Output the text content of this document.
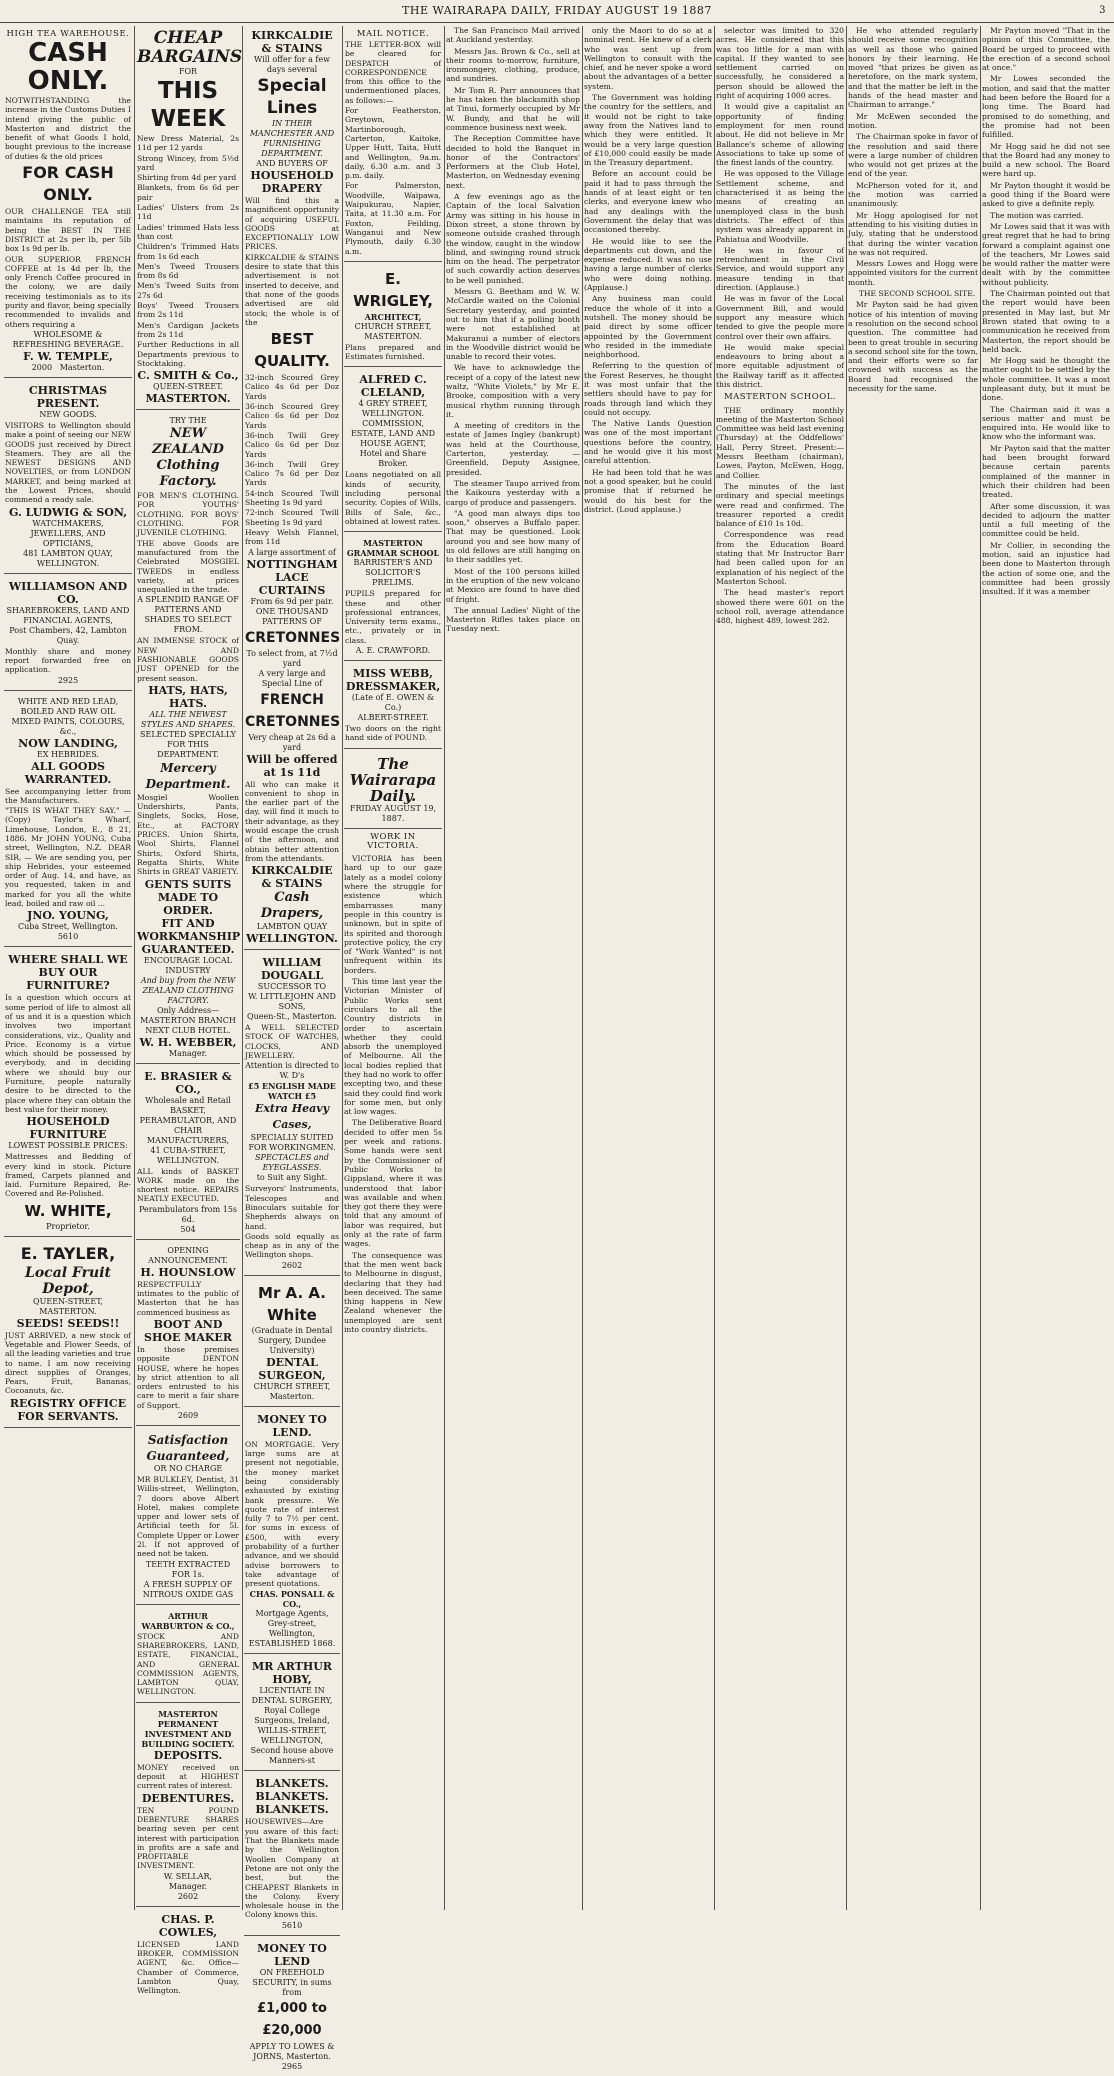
THE WAIRARAPA DAILY, FRIDAY AUGUST 19 1887	3
HIGH TEA WAREHOUSE.
CASH ONLY.

NOTWITHSTANDING the increase in the Customs Duties I intend giving the public of Masterton and district the benefit of what Goods I hold, bought previous to the increase of duties & the old prices

FOR CASH ONLY.

OUR CHALLENGE TEA still maintains its reputation of being the BEST IN THE DISTRICT at 2s per lb, per 5lb box 1s 9d per lb.

OUR SUPERIOR FRENCH COFFEE at 1s 4d per lb, the only French Coffee procured in the colony, we are daily receiving testimonials as to its purity and flavor, being specially recommended to invalids and others requiring a

WHOLESOME & REFRESHING BEVERAGE.
F. W. TEMPLE,
2000 Masterton.
CHRISTMAS PRESENT.
NEW GOODS.

VISITORS to Wellington should make a point of seeing our NEW GOODS just received by Direct Steamers. They are all the NEWEST DESIGNS AND NOVELTIES, or from LONDON MARKET, and being marked at the Lowest Prices, should commend a ready sale.

G. LUDWIG & SON,
WATCHMAKERS, JEWELLERS, AND OPTICIANS,
481 LAMBTON QUAY, WELLINGTON.
WILLIAMSON AND CO.
SHAREBROKERS, LAND AND FINANCIAL AGENTS,
Post Chambers, 42, Lambton Quay.

Monthly share and money report forwarded free on application.

2925
WHITE AND RED LEAD,
BOILED AND RAW OIL
MIXED PAINTS, COLOURS, &c.,
NOW LANDING,
EX HEBRIDES.
ALL GOODS WARRANTED.

See accompanying letter from the Manufacturers.

"THIS IS WHAT THEY SAY." — (Copy) Taylor's Wharf, Limehouse, London, E., 8 21, 1886. Mr JOHN YOUNG, Cuba street, Wellington, N.Z. DEAR SIR, — We are sending you, per ship Hebrides, your esteemed order of Aug. 14, and have, as you requested, taken in and marked for you all the white lead, boiled and raw oil ...

JNO. YOUNG,
Cuba Street, Wellington.
5610
WHERE SHALL WE BUY OUR FURNITURE?

Is a question which occurs at some period of life to almost all of us and it is a question which involves two important considerations, viz., Quality and Price. Economy is a virtue which should be possessed by everybody, and in deciding where we should buy our Furniture, people naturally desire to be directed to the place where they can obtain the best value for their money.

HOUSEHOLD FURNITURE
LOWEST POSSIBLE PRICES:

Mattresses and Bedding of every kind in stock. Picture framed, Carpets planned and laid. Furniture Repaired, Re-Covered and Re-Polished.

W. WHITE,
Proprietor.
E. TAYLER,
Local Fruit Depot,
QUEEN-STREET, MASTERTON.
SEEDS! SEEDS!!

JUST ARRIVED, a new stock of Vegetable and Flower Seeds, of all the leading varieties and true to name. I am now receiving direct supplies of Oranges, Pears, Fruit, Bananas, Cocoanuts, &c.

REGISTRY OFFICE FOR SERVANTS.
CHEAP BARGAINS
FOR
THIS WEEK

New Dress Material, 2s 11d per 12 yards

Strong Wincey, from 5½d yard

Shirting from 4d per yard

Blankets, from 6s 6d per pair

Ladies' Ulsters from 2s 11d

Ladies' trimmed Hats less than cost

Children's Trimmed Hats from 1s 6d each

Men's Tweed Trousers from 8s 6d

Men's Tweed Suits from 27s 6d

Boys' Tweed Trousers from 2s 11d

Men's Cardigan Jackets from 2s 11d

Further Reductions in all Departments previous to Stocktaking.

C. SMITH & Co.,
QUEEN-STREET.
MASTERTON.
TRY THE
NEW ZEALAND Clothing Factory.

FOR MEN'S CLOTHING. FOR YOUTHS' CLOTHING. FOR BOYS' CLOTHING. FOR JUVENILE CLOTHING.

THE above Goods are manufactured from the Celebrated MOSGIEL TWEEDS in endless variety, at prices unequalled in the trade.

A SPLENDID RANGE OF PATTERNS AND SHADES TO SELECT FROM.

AN IMMENSE STOCK of NEW AND FASHIONABLE GOODS JUST OPENED for the present season.

HATS, HATS, HATS.
ALL THE NEWEST STYLES AND SHAPES.
SELECTED SPECIALLY FOR THIS DEPARTMENT.
Mercery Department.

Mosgiel Woollen Undershirts, Pants, Singlets, Socks, Hose, Etc., at FACTORY PRICES. Union Shirts, Wool Shirts, Flannel Shirts, Oxford Shirts, Regatta Shirts, White Shirts in GREAT VARIETY.

GENTS SUITS MADE TO ORDER.
FIT AND WORKMANSHIP GUARANTEED.
ENCOURAGE LOCAL INDUSTRY
And buy from the NEW ZEALAND CLOTHING FACTORY.
Only Address— MASTERTON BRANCH NEXT CLUB HOTEL.
W. H. WEBBER,
Manager.
E. BRASIER & CO.,
Wholesale and Retail
BASKET, PERAMBULATOR, AND CHAIR MANUFACTURERS,
41 CUBA-STREET, WELLINGTON.

ALL kinds of BASKET WORK made on the shortest notice. REPAIRS NEATLY EXECUTED.

Perambulators from 15s 6d.
504
OPENING ANNOUNCEMENT.
H. HOUNSLOW

RESPECTFULLY intimates to the public of Masterton that he has commenced business as

BOOT AND SHOE MAKER

In those premises opposite DENTON HOUSE, where he hopes by strict attention to all orders entrusted to his care to merit a fair share of Support.

2609
Satisfaction Guaranteed,
OR NO CHARGE

MR BULKLEY, Dentist, 31 Willis-street, Wellington, 7 doors above Albert Hotel, makes complete upper and lower sets of Artificial teeth for 5l. Complete Upper or Lower 2l. If not approved of need not be taken.

TEETH EXTRACTED FOR 1s.
A FRESH SUPPLY OF NITROUS OXIDE GAS
ARTHUR WARBURTON & CO.,

STOCK AND SHAREBROKERS, LAND, ESTATE, FINANCIAL, AND GENERAL COMMISSION AGENTS, LAMBTON QUAY, WELLINGTON.

MASTERTON PERMANENT INVESTMENT AND BUILDING SOCIETY.
DEPOSITS.

MONEY received on deposit at HIGHEST current rates of interest.

DEBENTURES.

TEN POUND DEBENTURE SHARES bearing seven per cent interest with participation in profits are a safe and PROFITABLE INVESTMENT.

W. SELLAR,
Manager.
2602
CHAS. P. COWLES,

LICENSED LAND BROKER, COMMISSION AGENT, &c. Office—Chamber of Commerce, Lambton Quay, Wellington.

KIRKCALDIE & STAINS
Will offer for a few days several
Special Lines
IN THEIR MANCHESTER AND FURNISHING DEPARTMENT.
AND BUYERS OF
HOUSEHOLD DRAPERY

Will find this a magnificent opportunity of acquiring USEFUL GOODS at EXCEPTIONALLY LOW PRICES.

KIRKCALDIE & STAINS desire to state that this advertisement is not inserted to deceive, and that none of the goods advertised are old stock; the whole is of the

BEST QUALITY.

32-inch Scoured Grey Calico 4s 6d per Doz Yards

36-inch Scoured Grey Calico 6s 6d per Doz Yards

36-inch Twill Grey Calico 6s 6d per Doz Yards

36-inch Twill Grey Calico 7s 6d per Doz Yards

54-inch Scoured Twill Sheeting 1s 9d yard

72-inch Scoured Twill Sheeting 1s 9d yard

Heavy Welsh Flannel, from 11d

A large assortment of
NOTTINGHAM LACE CURTAINS
From 6s 9d per pair.
ONE THOUSAND PATTERNS OF
CRETONNES
To select from, at 7½d yard
A very large and Special Line of
FRENCH CRETONNES
Very cheap at 2s 6d a yard
Will be offered at 1s 11d

All who can make it convenient to shop in the earlier part of the day, will find it much to their advantage, as they would escape the crush of the afternoon, and obtain better attention from the attendants.

KIRKCALDIE & STAINS
Cash Drapers,
LAMBTON QUAY
WELLINGTON.
WILLIAM DOUGALL
SUCCESSOR TO
W. LITTLEJOHN AND SONS,
Queen-St., Masterton.

A WELL SELECTED STOCK OF WATCHES, CLOCKS, AND JEWELLERY.

Attention is directed to W. D's
£5 ENGLISH MADE WATCH £5
Extra Heavy Cases,
SPECIALLY SUITED FOR WORKINGMEN.
SPECTACLES and EYEGLASSES.
to Suit any Sight.

Surveyors' Instruments, Telescopes and Binoculars suitable for Shepherds always on hand.

Goods sold equally as cheap as in any of the Wellington shops.

2602
Mr A. A. White
(Graduate in Dental Surgery, Dundee University)
DENTAL SURGEON,
CHURCH STREET,
Masterton.
MONEY TO LEND.

ON MORTGAGE. Very large sums are at present not negotiable, the money market being considerably exhausted by existing bank pressure. We quote rate of interest fully 7 to 7½ per cent. for sums in excess of £500, with every probability of a further advance, and we should advise borrowers to take advantage of present quotations.

CHAS. PONSALL & CO.,
Mortgage Agents,
Grey-street, Wellington,
ESTABLISHED 1868.
MR ARTHUR HOBY,
LICENTIATE IN DENTAL SURGERY,
Royal College Surgeons, Ireland,
WILLIS-STREET, WELLINGTON,
Second house above Manners-st
BLANKETS. BLANKETS. BLANKETS.

HOUSEWIVES—Are you aware of this fact: That the Blankets made by the Wellington Woollen Company at Petone are not only the best, but the CHEAPEST Blankets in the Colony. Every wholesale house in the Colony knows this.

5610
MONEY TO LEND
ON FREEHOLD SECURITY, in sums from
£1,000 to £20,000
APPLY TO LOWES & JORNS, Masterton.
2965
MAIL NOTICE.

THE LETTER-BOX will be cleared for DESPATCH of CORRESPONDENCE from this office to the undermentioned places, as follows:—

For Featherston, Greytown, Martinborough, Carterton, Kaitoke, Upper Hutt, Taita, Hutt and Wellington, 9a.m. daily, 6.30 a.m. and 3 p.m. daily.

For Palmerston, Woodville, Waipawa, Waipukurau, Napier, Taita, at 11.30 a.m. For Foxton, Feilding, Wanganui and New Plymouth, daily 6.30 a.m.

E. WRIGLEY,
ARCHITECT,
CHURCH STREET, MASTERTON.

Plans prepared and Estimates furnished.

ALFRED C. CLELAND,
4 GREY STREET, WELLINGTON.
COMMISSION, ESTATE, LAND AND HOUSE AGENT,
Hotel and Share Broker.

Loans negotiated on all kinds of security, including personal security. Copies of Wills, Bills of Sale, &c., obtained at lowest rates.

MASTERTON GRAMMAR SCHOOL
BARRISTER'S AND SOLICITOR'S PRELIMS.

PUPILS prepared for these and other professional entrances, University term exams., etc., privately or in class.

A. E. CRAWFORD.
MISS WEBB,
DRESSMAKER,
(Late of E. OWEN & Co.)
ALBERT-STREET.

Two doors on the right hand side of POUND.

The Wairarapa Daily.
FRIDAY AUGUST 19, 1887.
WORK IN VICTORIA.

VICTORIA has been hard up to our gaze lately as a model colony where the struggle for existence which embarrasses many people in this country is unknown, but in spite of its spirited and thorough protective policy, the cry of "Work Wanted" is not unfrequent within its borders.

This time last year the Victorian Minister of Public Works sent circulars to all the Country districts in order to ascertain whether they could absorb the unemployed of Melbourne. All the local bodies replied that they had no work to offer excepting two, and these said they could find work for some men, but only at low wages.

The Deliberative Board decided to offer men 5s per week and rations. Some hands were sent by the Commissioner of Public Works to Gippsland, where it was understood that labor was available and when they got there they were told that any amount of labor was required, but only at the rate of farm wages.

The consequence was that the men went back to Melbourne in disgust, declaring that they had been deceived. The same thing happens in New Zealand whenever the unemployed are sent into country districts.

The San Francisco Mail arrived at Auckland yesterday.

Messrs Jas. Brown & Co., sell at their rooms to-morrow, furniture, ironmongery, clothing, produce, and sundries.

Mr Tom R. Parr announces that he has taken the blacksmith shop at Tinui, formerly occupied by Mr W. Bundy, and that he will commence business next week.

The Reception Committee have decided to hold the Banquet in honor of the Contractors' Performers at the Club Hotel, Masterton, on Wednesday evening next.

A few evenings ago as the Captain of the local Salvation Army was sitting in his house in Dixon street, a stone thrown by someone outside crashed through the window, caught in the window blind, and swinging round struck him on the head. The perpetrator of such cowardly action deserves to be well punished.

Messrs G. Beetham and W. W. McCardle waited on the Colonial Secretary yesterday, and pointed out to him that if a polling booth were not established at Makuranui a number of electors in the Woodville district would be unable to record their votes.

We have to acknowledge the receipt of a copy of the latest new waltz, "White Violets," by Mr E. Brooke, composition with a very musical rhythm running through it.

A meeting of creditors in the estate of James Ingley (bankrupt) was held at the Courthouse, Carterton, yesterday. — Greenfield, Deputy Assignee, presided.

The steamer Taupo arrived from the Kaikoura yesterday with a cargo of produce and passengers.

"A good man always dips too soon," observes a Buffalo paper. That may be questioned. Look around you and see how many of us old fellows are still hanging on to their saddles yet.

Most of the 100 persons killed in the eruption of the new volcano at Mexico are found to have died of fright.

The annual Ladies' Night of the Masterton Rifles takes place on Tuesday next.

only the Maori to do so at a nominal rent. He knew of a clerk who was sent up from Wellington to consult with the chief, and he never spoke a word about the advantages of a better system.

The Government was holding the country for the settlers, and it would not be right to take away from the Natives land to which they were entitled. It would be a very large question of £10,000 could easily be made in the Treasury department.

Before an account could be paid it had to pass through the hands of at least eight or ten clerks, and everyone knew who had any dealings with the Government the delay that was occasioned thereby.

He would like to see the departments cut down, and the expense reduced. It was no use having a large number of clerks who were doing nothing. (Applause.)

Any business man could reduce the whole of it into a nutshell. The money should be paid direct by some officer appointed by the Government who resided in the immediate neighborhood.

Referring to the question of the Forest Reserves, he thought it was most unfair that the settlers should have to pay for roads through land which they could not occupy.

The Native Lands Question was one of the most important questions before the country, and he would give it his most careful attention.

He had been told that he was not a good speaker, but he could promise that if returned he would do his best for the district. (Loud applause.)

selector was limited to 320 acres. He considered that this was too little for a man with capital. If they wanted to see settlement carried on successfully, he considered a person should be allowed the right of acquiring 1000 acres.

It would give a capitalist an opportunity of finding employment for men round about. He did not believe in Mr Ballance's scheme of allowing Associations to take up some of the finest lands of the country.

He was opposed to the Village Settlement scheme, and characterised it as being the means of creating an unemployed class in the bush districts. The effect of this system was already apparent in Pahiatua and Woodville.

He was in favour of retrenchment in the Civil Service, and would support any measure tending in that direction. (Applause.)

He was in favor of the Local Government Bill, and would support any measure which tended to give the people more control over their own affairs.

He would make special endeavours to bring about a more equitable adjustment of the Railway tariff as it affected this district.

MASTERTON SCHOOL.

THE ordinary monthly meeting of the Masterton School Committee was held last evening (Thursday) at the Oddfellows' Hall, Perry Street. Present:— Messrs Beetham (chairman), Lowes, Payton, McEwen, Hogg, and Collier.

The minutes of the last ordinary and special meetings were read and confirmed. The treasurer reported a credit balance of £10 1s 10d.

Correspondence was read from the Education Board stating that Mr Instructor Barr had been called upon for an explanation of his neglect of the Masterton School.

The head master's report showed there were 601 on the school roll, average attendance 488, highest 489, lowest 282.

He who attended regularly should receive some recognition as well as those who gained honors by their learning. He moved "that prizes be given as heretofore, on the mark system, and that the matter be left in the hands of the head master and Chairman to arrange."

Mr McEwen seconded the motion.

The Chairman spoke in favor of the resolution and said there were a large number of children who would not get prizes at the end of the year.

McPherson voted for it, and the motion was carried unanimously.

Mr Hogg apologised for not attending to his visiting duties in July, stating that he understood that during the winter vacation he was not required.

Messrs Lowes and Hogg were appointed visitors for the current month.

THE SECOND SCHOOL SITE.

Mr Payton said he had given notice of his intention of moving a resolution on the second school question. The committee had been to great trouble in securing a second school site for the town, and their efforts were so far crowned with success as the Board had recognised the necessity for the same.

Mr Payton moved "That in the opinion of this Committee, the Board be urged to proceed with the erection of a second school at once."

Mr Lowes seconded the motion, and said that the matter had been before the Board for a long time. The Board had promised to do something, and the promise had not been fulfilled.

Mr Hogg said he did not see that the Board had any money to build a new school. The Board were hard up.

Mr Payton thought it would be a good thing if the Board were asked to give a definite reply.

The motion was carried.

Mr Lowes said that it was with great regret that he had to bring forward a complaint against one of the teachers, Mr Lowes said he would rather the matter were dealt with by the committee without publicity.

The Chairman pointed out that the report would have been presented in May last, but Mr Brown stated that owing to a communication he received from Masterton, the report should be held back.

Mr Hogg said he thought the matter ought to be settled by the whole committee. It was a most unpleasant duty, but it must be done.

The Chairman said it was a serious matter and must be enquired into. He would like to know who the informant was.

Mr Payton said that the matter had been brought forward because certain parents complained of the manner in which their children had been treated.

After some discussion, it was decided to adjourn the matter until a full meeting of the committee could be held.

Mr Collier, in seconding the motion, said an injustice had been done to Masterton through the action of some one, and the committee had been grossly insulted. If it was a member
